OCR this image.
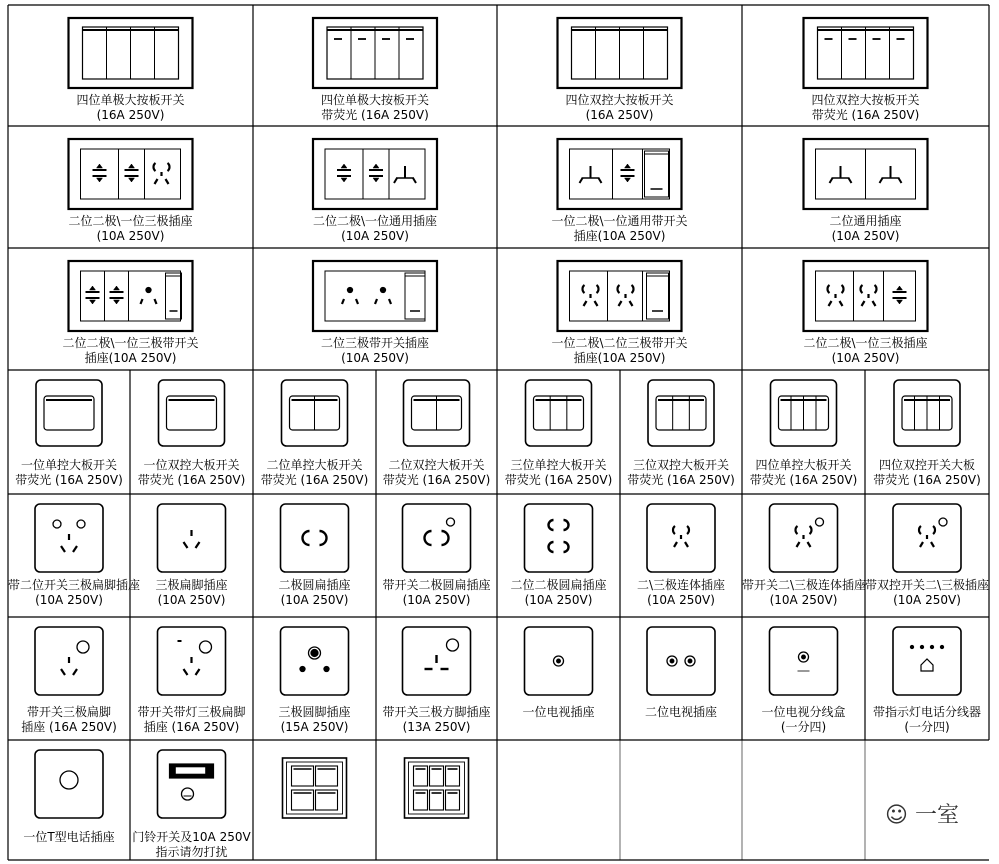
四位单极大按板开关
(16A 250V)
四位单极大按板开关
带荧光 (16A 250V)
四位双控大按板开关
(16A 250V)
四位双控大按板开关
带荧光 (16A 250V)
二位二极\一位三极插座
(10A 250V)
二位二极\一位通用插座
(10A 250V)
一位二极\一位通用带开关
插座(10A 250V)
二位通用插座
(10A 250V)
二位二极\一位三极带开关
插座(10A 250V)
二位三极带开关插座
(10A 250V)
一位二极\二位三极带开关
插座(10A 250V)
二位二极\一位三极插座
(10A 250V)
一位单控大板开关
带荧光 (16A 250V)
一位双控大板开关
带荧光 (16A 250V)
二位单控大板开关
带荧光 (16A 250V)
二位双控大板开关
带荧光 (16A 250V)
三位单控大板开关
带荧光 (16A 250V)
三位双控大板开关
带荧光 (16A 250V)
四位单控大板开关
带荧光 (16A 250V)
四位双控开关大板
带荧光 (16A 250V)
带二位开关三极扁脚插座
(10A 250V)
三极扁脚插座
(10A 250V)
二极圆扁插座
(10A 250V)
带开关二极圆扁插座
(10A 250V)
二位二极圆扁插座
(10A 250V)
二\三极连体插座
(10A 250V)
带开关二\三极连体插座
(10A 250V)
带双控开关二\三极插座
(10A 250V)
带开关三极扁脚
插座 (16A 250V)
带开关带灯三极扁脚
插座 (16A 250V)
三极圆脚插座
(15A 250V)
带开关三极方脚插座
(13A 250V)
一位电视插座	二位电视插座	一位电视分线盒
(一分四)
带指示灯电话分线器
(一分四)
一位T型电话插座	门铃开关及10A 250V
指示请勿打扰
☺ 一室
